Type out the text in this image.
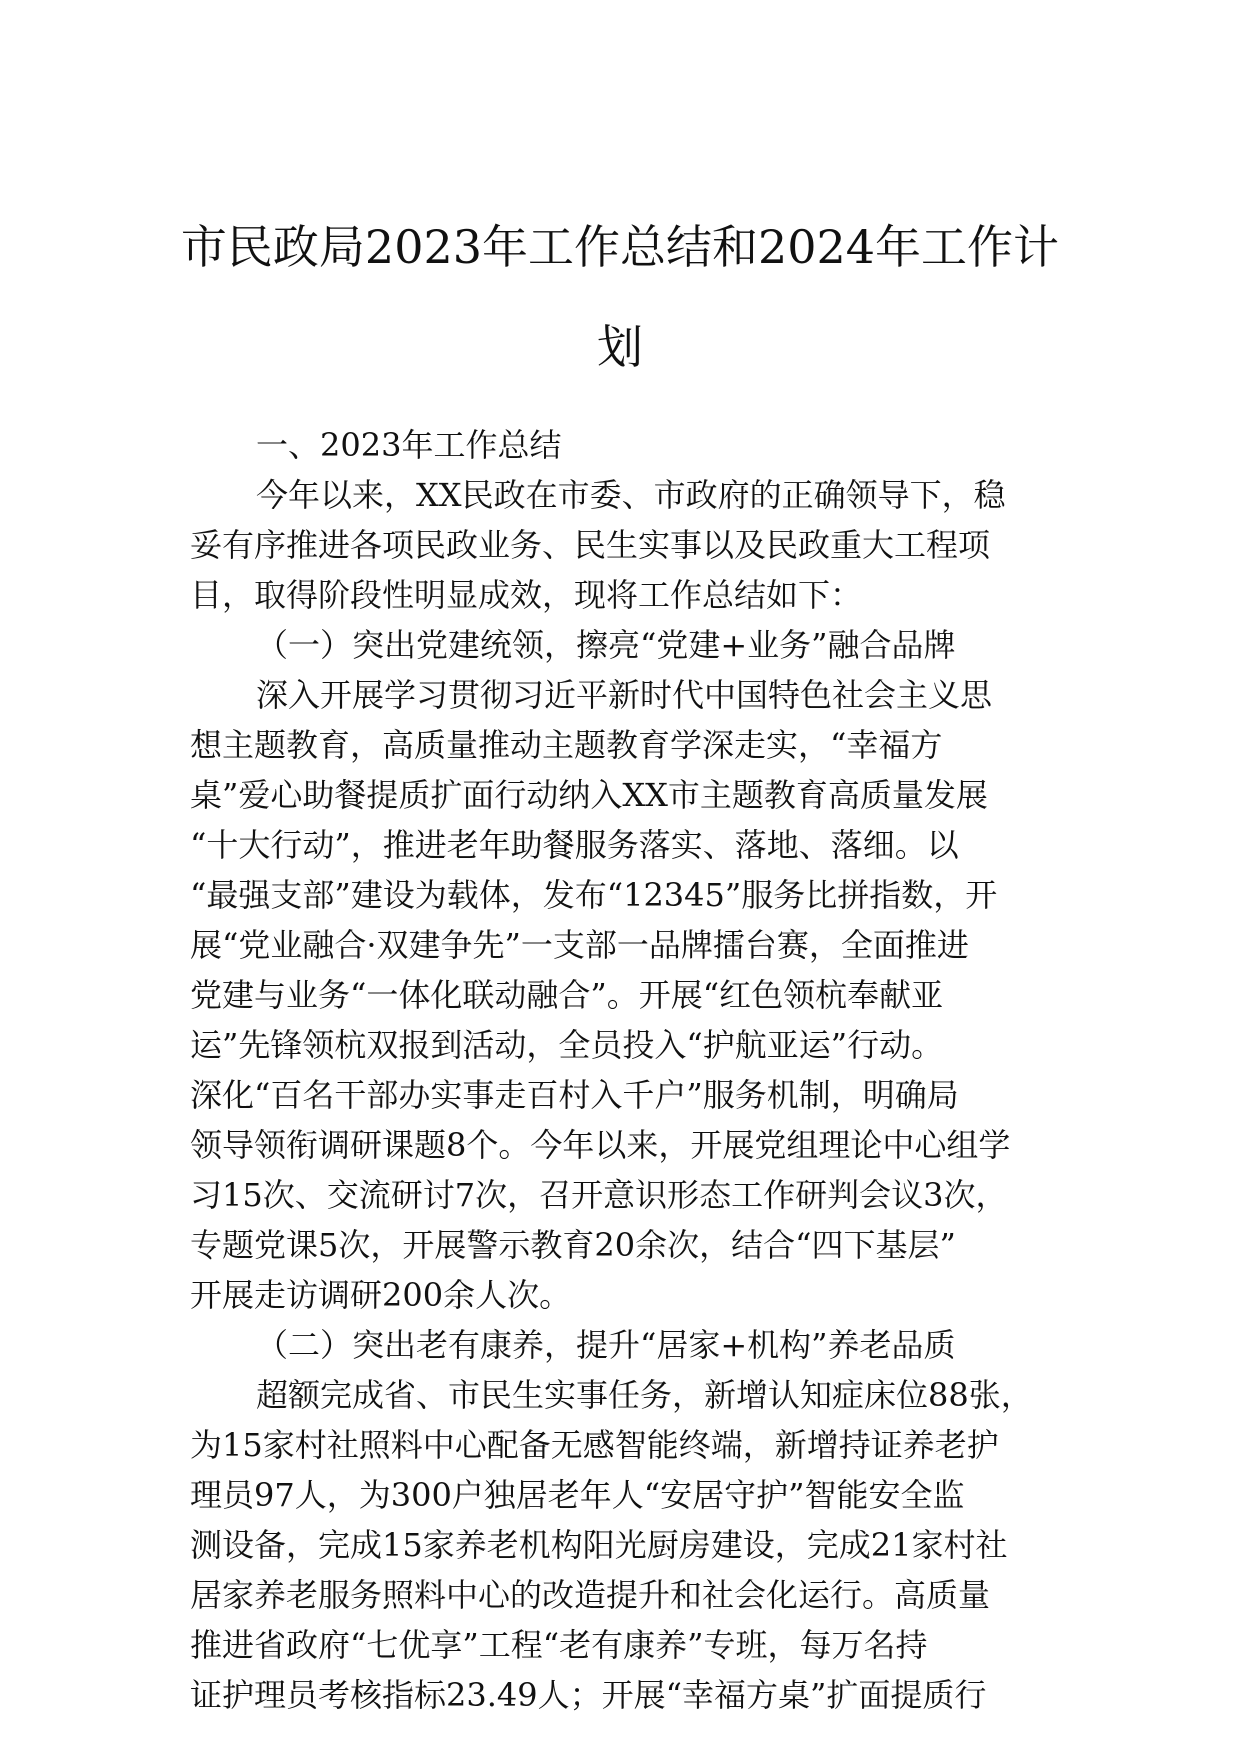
市民政局2023年工作总结和2024年工作计
划
一、2023年工作总结
今年以来，XX民政在市委、市政府的正确领导下，稳
妥有序推进各项民政业务、民生实事以及民政重大工程项
目，取得阶段性明显成效，现将工作总结如下：
（一）突出党建统领，擦亮“党建+业务”融合品牌
深入开展学习贯彻习近平新时代中国特色社会主义思
想主题教育，高质量推动主题教育学深走实，“幸福方
桌”爱心助餐提质扩面行动纳入XX市主题教育高质量发展
“十大行动”，推进老年助餐服务落实、落地、落细。以
“最强支部”建设为载体，发布“12345”服务比拼指数，开
展“党业融合·双建争先”一支部一品牌擂台赛，全面推进
党建与业务“一体化联动融合”。开展“红色领杭奉献亚
运”先锋领杭双报到活动，全员投入“护航亚运”行动。
深化“百名干部办实事走百村入千户”服务机制，明确局
领导领衔调研课题8个。今年以来，开展党组理论中心组学
习15次、交流研讨7次，召开意识形态工作研判会议3次，
专题党课5次，开展警示教育20余次，结合“四下基层”
开展走访调研200余人次。
（二）突出老有康养，提升“居家+机构”养老品质
超额完成省、市民生实事任务，新增认知症床位88张，
为15家村社照料中心配备无感智能终端，新增持证养老护
理员97人，为300户独居老年人“安居守护”智能安全监
测设备，完成15家养老机构阳光厨房建设，完成21家村社
居家养老服务照料中心的改造提升和社会化运行。高质量
推进省政府“七优享”工程“老有康养”专班，每万名持
证护理员考核指标23.49人；开展“幸福方桌”扩面提质行
